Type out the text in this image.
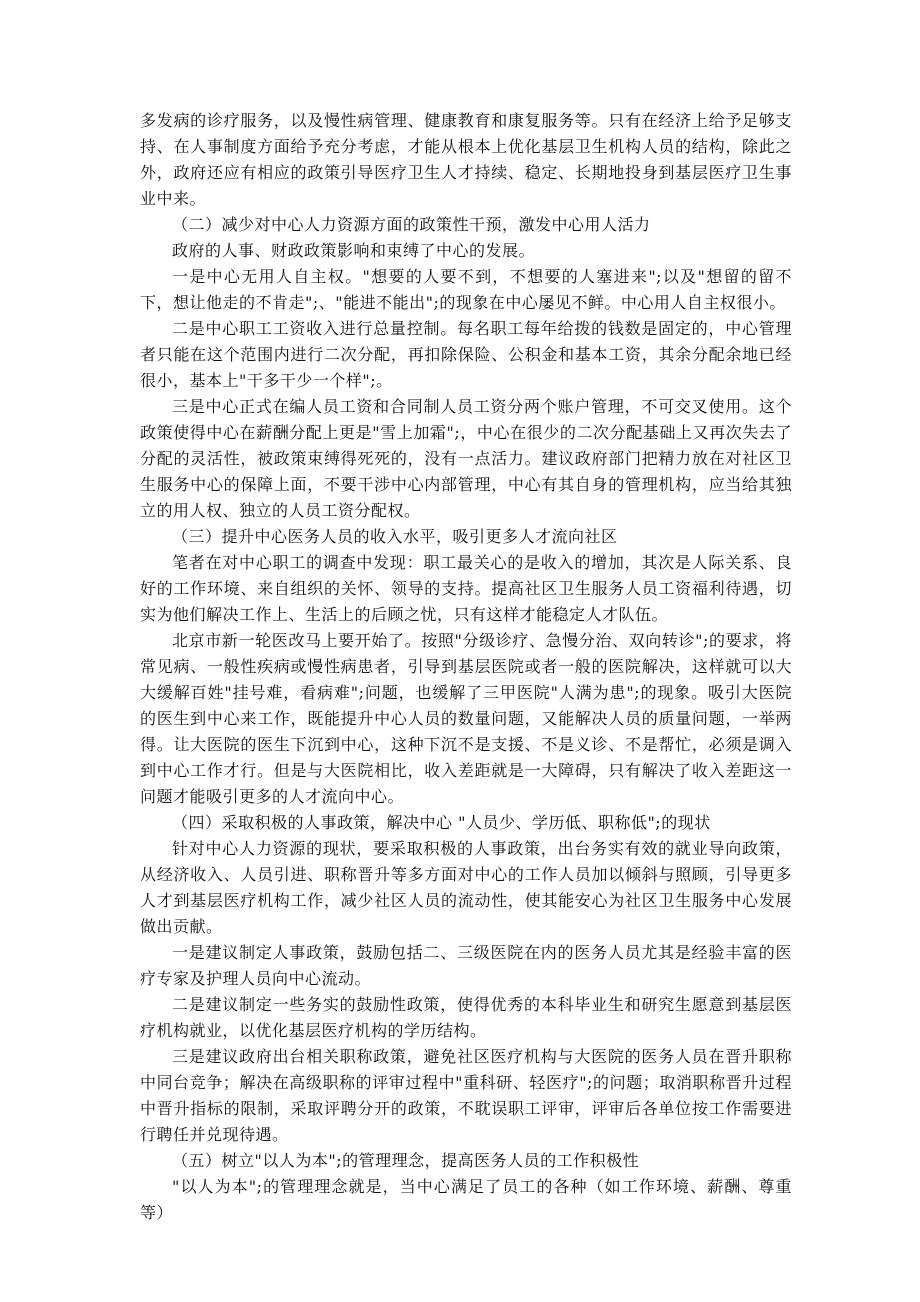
多发病的诊疗服务，以及慢性病管理、健康教育和康复服务等。只有在经济上给予足够支持、在人事制度方面给予充分考虑，才能从根本上优化基层卫生机构人员的结构，除此之外，政府还应有相应的政策引导医疗卫生人才持续、稳定、长期地投身到基层医疗卫生事业中来。

（二）减少对中心人力资源方面的政策性干预，激发中心用人活力

政府的人事、财政政策影响和束缚了中心的发展。

一是中心无用人自主权。"想要的人要不到，不想要的人塞进来";以及"想留的留不下，想让他走的不肯走";、"能进不能出";的现象在中心屡见不鲜。中心用人自主权很小。

二是中心职工工资收入进行总量控制。每名职工每年给拨的钱数是固定的，中心管理者只能在这个范围内进行二次分配，再扣除保险、公积金和基本工资，其余分配余地已经很小，基本上"干多干少一个样";。

三是中心正式在编人员工资和合同制人员工资分两个账户管理，不可交叉使用。这个政策使得中心在薪酬分配上更是"雪上加霜";，中心在很少的二次分配基础上又再次失去了分配的灵活性，被政策束缚得死死的，没有一点活力。建议政府部门把精力放在对社区卫生服务中心的保障上面，不要干涉中心内部管理，中心有其自身的管理机构，应当给其独立的用人权、独立的人员工资分配权。

（三）提升中心医务人员的收入水平，吸引更多人才流向社区

笔者在对中心职工的调查中发现：职工最关心的是收入的增加，其次是人际关系、良好的工作环境、来自组织的关怀、领导的支持。提高社区卫生服务人员工资福利待遇，切实为他们解决工作上、生活上的后顾之忧，只有这样才能稳定人才队伍。

北京市新一轮医改马上要开始了。按照"分级诊疗、急慢分治、双向转诊";的要求，将常见病、一般性疾病或慢性病患者，引导到基层医院或者一般的医院解决，这样就可以大大缓解百姓"挂号难，看病难";问题，也缓解了三甲医院"人满为患";的现象。吸引大医院的医生到中心来工作，既能提升中心人员的数量问题，又能解决人员的质量问题，一举两得。让大医院的医生下沉到中心，这种下沉不是支援、不是义诊、不是帮忙，必须是调入到中心工作才行。但是与大医院相比，收入差距就是一大障碍，只有解决了收入差距这一问题才能吸引更多的人才流向中心。

（四）采取积极的人事政策，解决中心 "人员少、学历低、职称低";的现状

针对中心人力资源的现状，要采取积极的人事政策，出台务实有效的就业导向政策，从经济收入、人员引进、职称晋升等多方面对中心的工作人员加以倾斜与照顾，引导更多人才到基层医疗机构工作，减少社区人员的流动性，使其能安心为社区卫生服务中心发展做出贡献。

一是建议制定人事政策，鼓励包括二、三级医院在内的医务人员尤其是经验丰富的医疗专家及护理人员向中心流动。

二是建议制定一些务实的鼓励性政策，使得优秀的本科毕业生和研究生愿意到基层医疗机构就业，以优化基层医疗机构的学历结构。

三是建议政府出台相关职称政策，避免社区医疗机构与大医院的医务人员在晋升职称中同台竞争；解决在高级职称的评审过程中"重科研、轻医疗";的问题；取消职称晋升过程中晋升指标的限制，采取评聘分开的政策，不耽误职工评审，评审后各单位按工作需要进行聘任并兑现待遇。

（五）树立"以人为本";的管理理念，提高医务人员的工作积极性

"以人为本";的管理理念就是，当中心满足了员工的各种（如工作环境、薪酬、尊重等）
